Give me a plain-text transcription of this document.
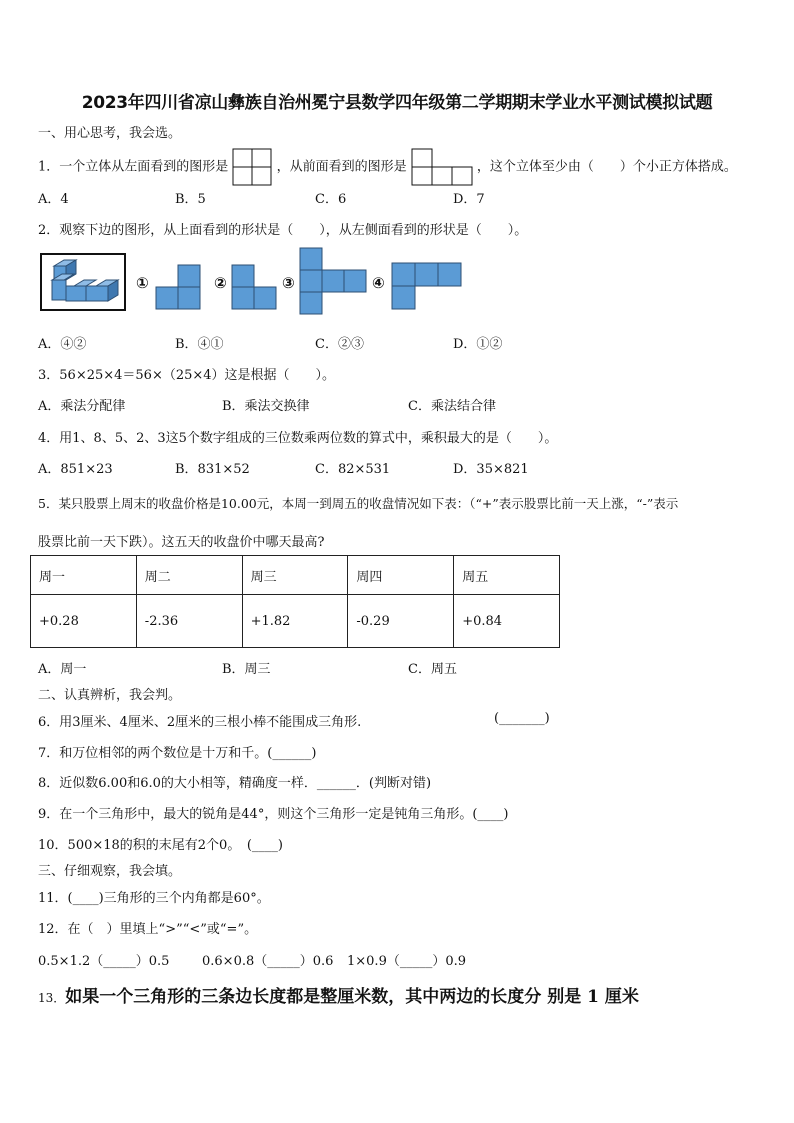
2023年四川省凉山彝族自治州冕宁县数学四年级第二学期期末学业水平测试模拟试题
一、用心思考，我会选。
1．一个立体从左面看到的图形是	，从前面看到的图形是	，这个立体至少由（　　）个小正方体搭成。
A．4	B．5	C．6	D．7
2．观察下边的图形，从上面看到的形状是（　　），从左侧面看到的形状是（　　）。
①	②	③	④
A．④②	B．④①	C．②③	D．①②
3．56×25×4＝56×（25×4）这是根据（　　）。
A．乘法分配律	B．乘法交换律	C．乘法结合律
4．用1、8、5、2、3这5个数字组成的三位数乘两位数的算式中，乘积最大的是（　　）。
A．851×23	B．831×52	C．82×531	D．35×821
5．某只股票上周末的收盘价格是10.00元，本周一到周五的收盘情况如下表：（“+”表示股票比前一天上涨，“-”表示
股票比前一天下跌）。这五天的收盘价中哪天最高?
周一	周二	周三	周四	周五
+0.28	-2.36	+1.82	-0.29	+0.84
A．周一	B．周三	C．周五
二、认真辨析，我会判。
6．用3厘米、4厘米、2厘米的三根小棒不能围成三角形.	(_______)
7．和万位相邻的两个数位是十万和千。(______)
8．近似数6.00和6.0的大小相等，精确度一样．______．(判断对错)
9．在一个三角形中，最大的锐角是44°，则这个三角形一定是钝角三角形。(____)
10．500×18的积的末尾有2个0。　(____)
三、仔细观察，我会填。
11．(____)三角形的三个内角都是60°。
12．在（　）里填上“>”“<”或“=”。
0.5×1.2（_____）0.5	0.6×0.8（_____）0.6 1×0.9（_____）0.9
13．如果一个三角形的三条边长度都是整厘米数，其中两边的长度分 别是 1 厘米
